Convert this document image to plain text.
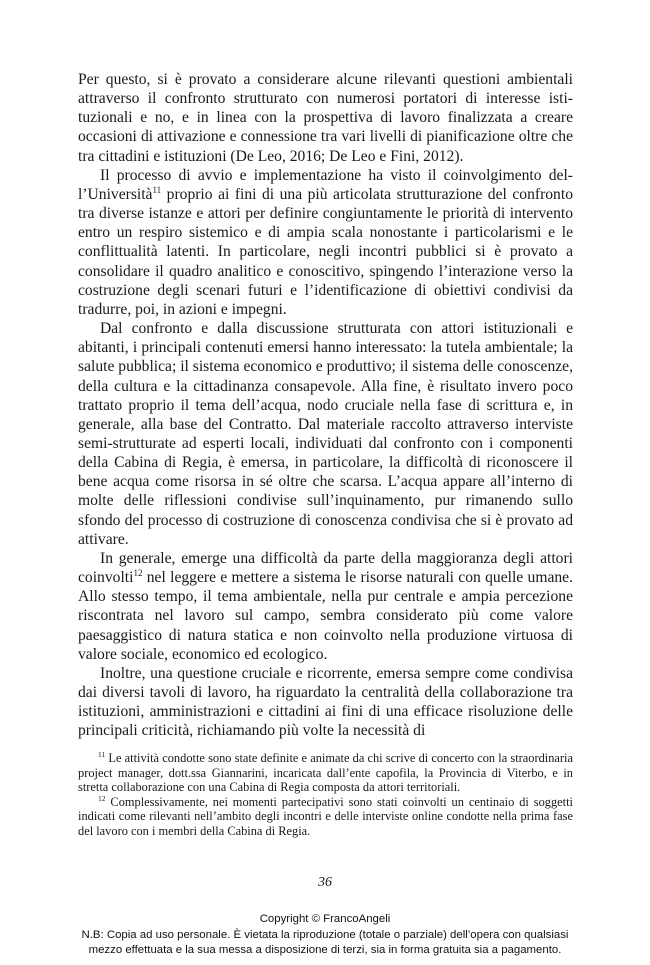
Per questo, si è provato a considerare alcune rilevanti questioni ambientali attraverso il confronto strutturato con numerosi portatori di interesse istituzionali e no, e in linea con la prospettiva di lavoro finalizzata a creare occasioni di attivazione e connessione tra vari livelli di pianificazione oltre che tra cittadini e istituzioni (De Leo, 2016; De Leo e Fini, 2012).

Il processo di avvio e implementazione ha visto il coinvolgimento dell’Università$^{11}$ proprio ai fini di una più articolata strutturazione del confronto tra diverse istanze e attori per definire congiuntamente le priorità di intervento entro un respiro sistemico e di ampia scala nonostante i particolarismi e le conflittualità latenti. In particolare, negli incontri pubblici si è provato a consolidare il quadro analitico e conoscitivo, spingendo l’interazione verso la costruzione degli scenari futuri e l’identificazione di obiettivi condivisi da tradurre, poi, in azioni e impegni.

Dal confronto e dalla discussione strutturata con attori istituzionali e abitanti, i principali contenuti emersi hanno interessato: la tutela ambientale; la salute pubblica; il sistema economico e produttivo; il sistema delle conoscenze, della cultura e la cittadinanza consapevole. Alla fine, è risultato invero poco trattato proprio il tema dell’acqua, nodo cruciale nella fase di scrittura e, in generale, alla base del Contratto. Dal materiale raccolto attraverso interviste semi-strutturate ad esperti locali, individuati dal confronto con i componenti della Cabina di Regia, è emersa, in particolare, la difficoltà di riconoscere il bene acqua come risorsa in sé oltre che scarsa. L’acqua appare all’interno di molte delle riflessioni condivise sull’inquinamento, pur rimanendo sullo sfondo del processo di costruzione di conoscenza condivisa che si è provato ad attivare.

In generale, emerge una difficoltà da parte della maggioranza degli attori coinvolti$^{12}$ nel leggere e mettere a sistema le risorse naturali con quelle umane. Allo stesso tempo, il tema ambientale, nella pur centrale e ampia percezione riscontrata nel lavoro sul campo, sembra considerato più come valore paesaggistico di natura statica e non coinvolto nella produzione virtuosa di valore sociale, economico ed ecologico.

Inoltre, una questione cruciale e ricorrente, emersa sempre come condivisa dai diversi tavoli di lavoro, ha riguardato la centralità della collaborazione tra istituzioni, amministrazioni e cittadini ai fini di una efficace risoluzione delle principali criticità, richiamando più volte la necessità di

$^{11}$ Le attività condotte sono state definite e animate da chi scrive di concerto con la straordinaria project manager, dott.ssa Giannarini, incaricata dall’ente capofila, la Provincia di Viterbo, e in stretta collaborazione con una Cabina di Regia composta da attori territoriali.

$^{12}$ Complessivamente, nei momenti partecipativi sono stati coinvolti un centinaio di soggetti indicati come rilevanti nell’ambito degli incontri e delle interviste online condotte nella prima fase del lavoro con i membri della Cabina di Regia.

36
Copyright © FrancoAngeli
N.B: Copia ad uso personale. È vietata la riproduzione (totale o parziale) dell’opera con qualsiasi
mezzo effettuata e la sua messa a disposizione di terzi, sia in forma gratuita sia a pagamento.
